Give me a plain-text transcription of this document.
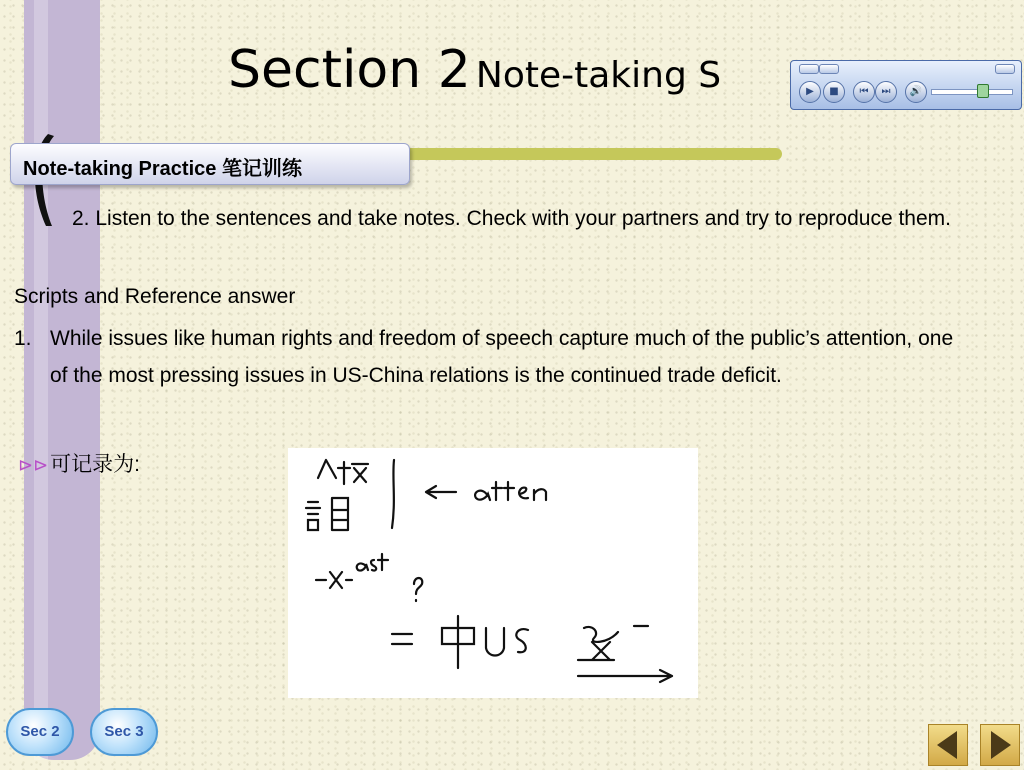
Section 2 Note-taking S	▶	■	⏮	⏭	🔊
Note-taking Practice 笔记训练
2. Listen to the sentences and take notes. Check with your partners and try to reproduce them.
Scripts and Reference answer
1. While issues like human rights and freedom of speech capture much of the public’s attention, one of the most pressing issues in US-China relations is the continued trade deficit.
⊳⊳可记录为:
Sec 2	Sec 3
